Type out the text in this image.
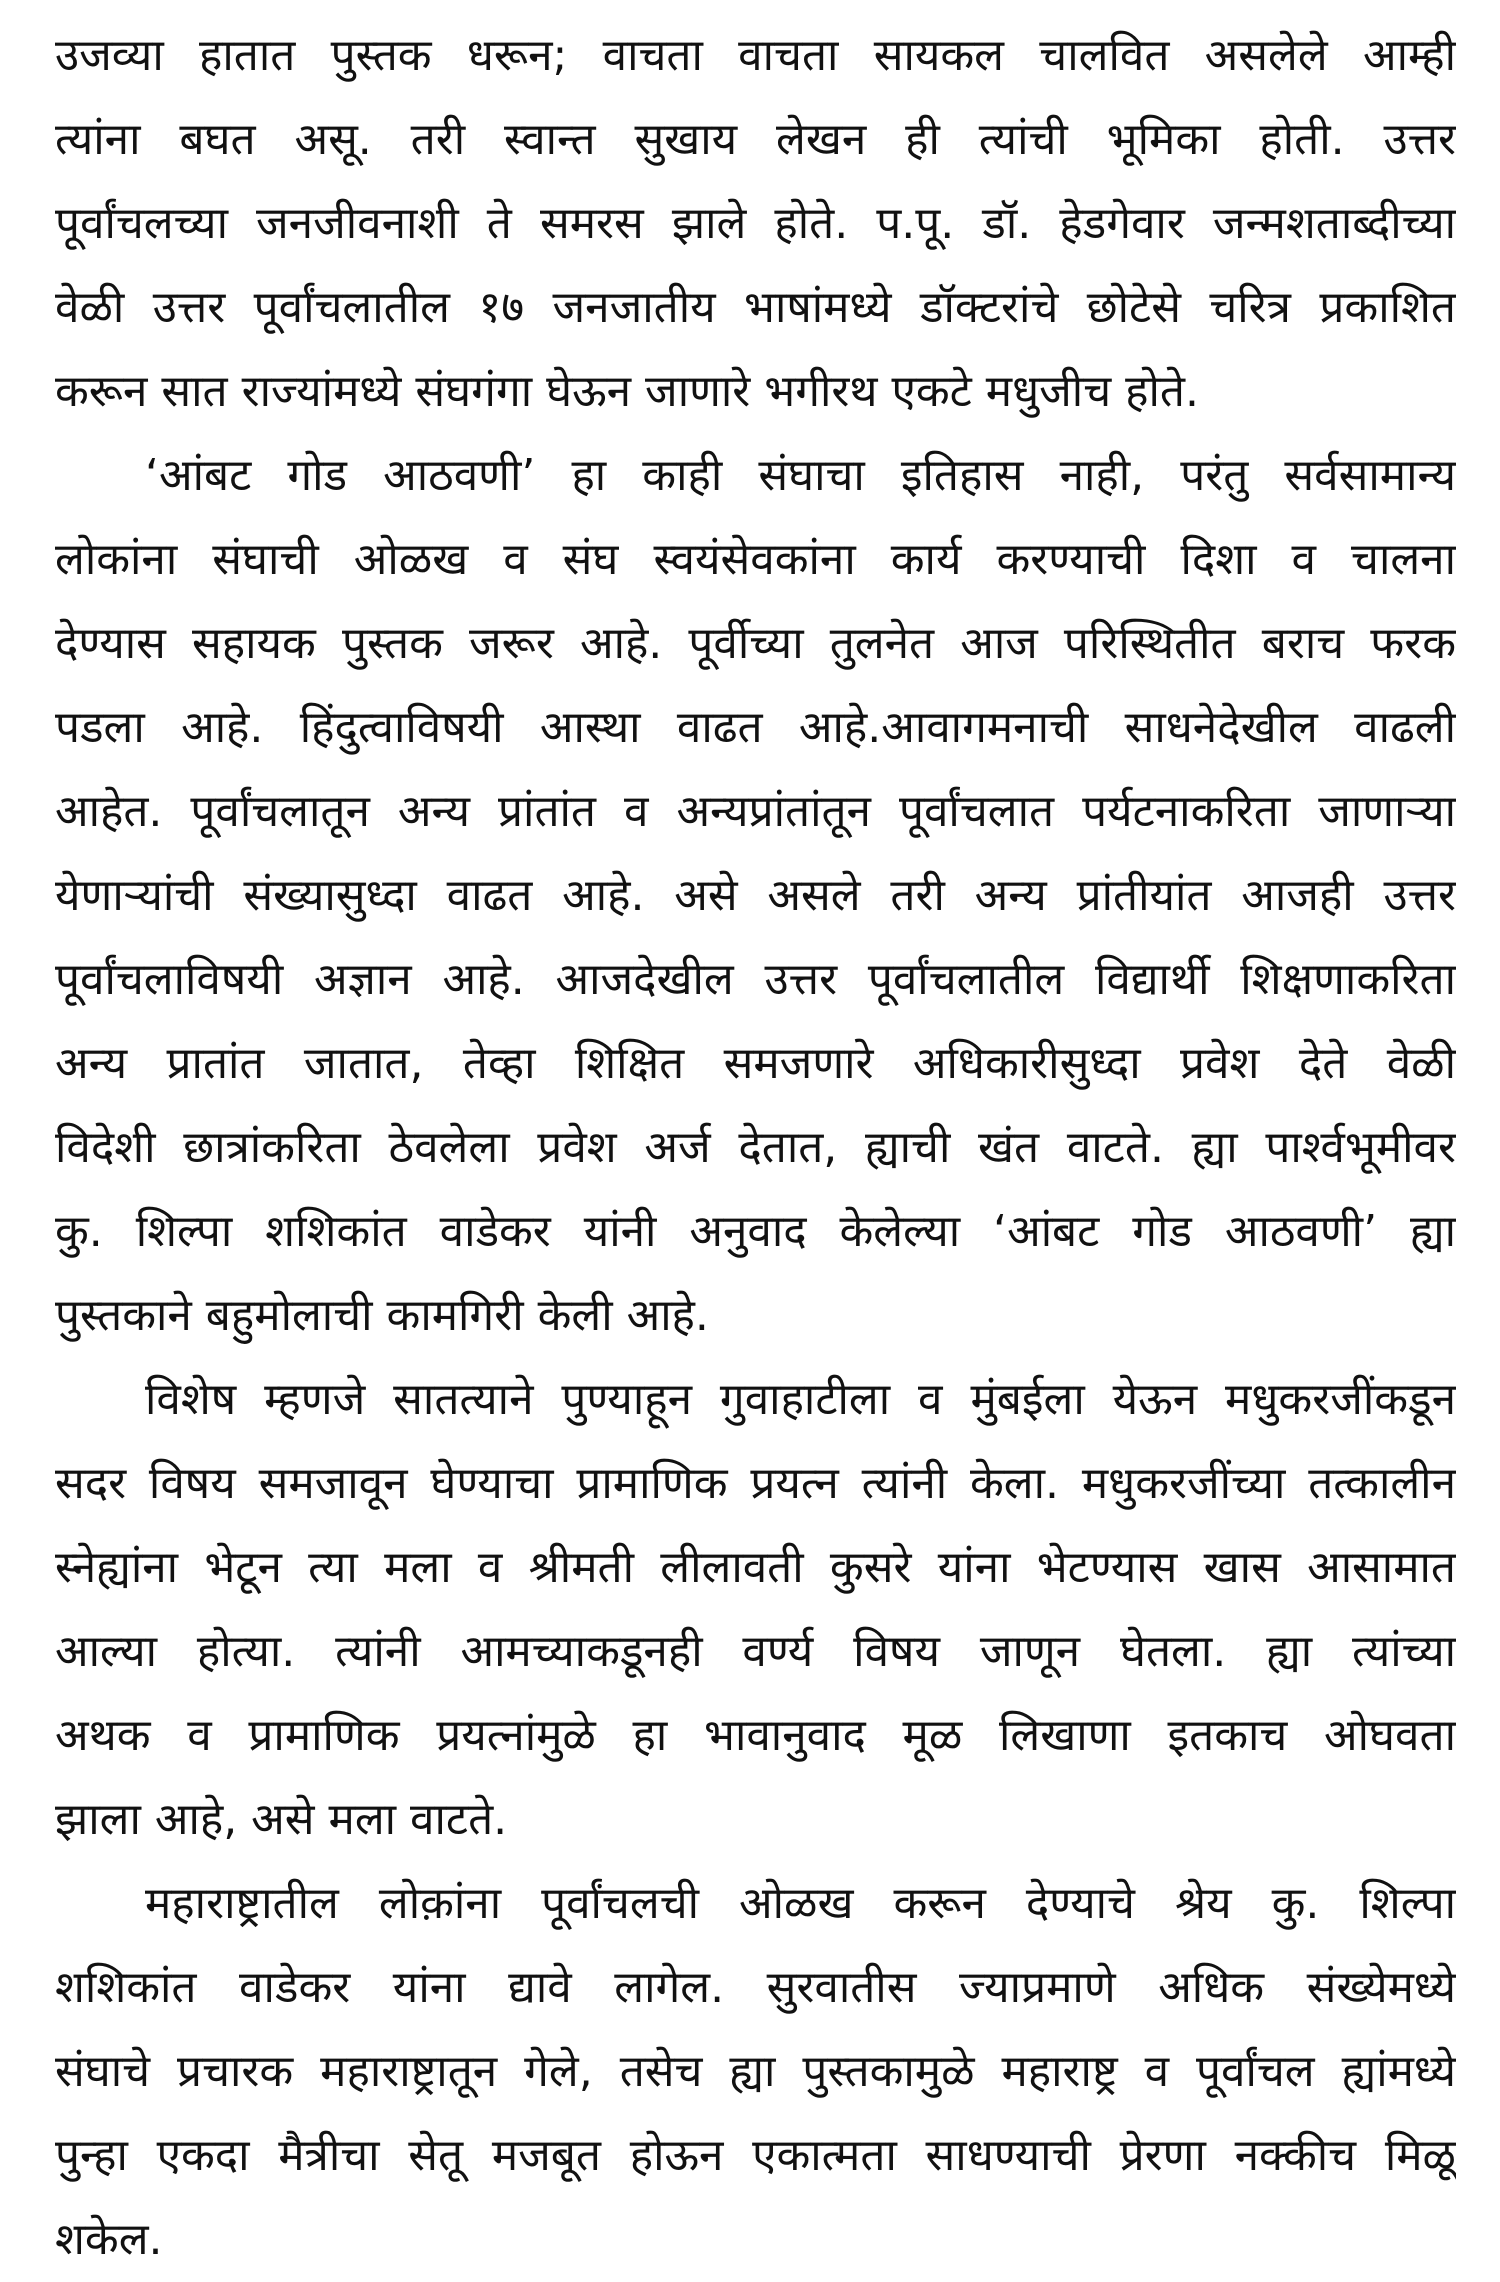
उजव्या हातात पुस्तक धरून; वाचता वाचता सायकल चालवित असलेले आम्ही
त्यांना बघत असू. तरी स्वान्त सुखाय लेखन ही त्यांची भूमिका होती. उत्तर
पूर्वांचलच्या जनजीवनाशी ते समरस झाले होते. प.पू. डॉ. हेडगेवार जन्मशताब्दीच्या
वेळी उत्तर पूर्वांचलातील १७ जनजातीय भाषांमध्ये डॉक्टरांचे छोटेसे चरित्र प्रकाशित
करून सात राज्यांमध्ये संघगंगा घेऊन जाणारे भगीरथ एकटे मधुजीच होते.
‘आंबट गोड आठवणी’ हा काही संघाचा इतिहास नाही, परंतु सर्वसामान्य
लोकांना संघाची ओळख व संघ स्वयंसेवकांना कार्य करण्याची दिशा व चालना
देण्यास सहायक पुस्तक जरूर आहे. पूर्वीच्या तुलनेत आज परिस्थितीत बराच फरक
पडला आहे. हिंदुत्वाविषयी आस्था वाढत आहे.आवागमनाची साधनेदेखील वाढली
आहेत. पूर्वांचलातून अन्य प्रांतांत व अन्यप्रांतांतून पूर्वांचलात पर्यटनाकरिता जाणाऱ्या
येणाऱ्यांची संख्यासुध्दा वाढत आहे. असे असले तरी अन्य प्रांतीयांत आजही उत्तर
पूर्वांचलाविषयी अज्ञान आहे. आजदेखील उत्तर पूर्वांचलातील विद्यार्थी शिक्षणाकरिता
अन्य प्रातांत जातात, तेव्हा शिक्षित समजणारे अधिकारीसुध्दा प्रवेश देते वेळी
विदेशी छात्रांकरिता ठेवलेला प्रवेश अर्ज देतात, ह्याची खंत वाटते. ह्या पार्श्वभूमीवर
कु. शिल्पा शशिकांत वाडेकर यांनी अनुवाद केलेल्या ‘आंबट गोड आठवणी’ ह्या
पुस्तकाने बहुमोलाची कामगिरी केली आहे.
विशेष म्हणजे सातत्याने पुण्याहून गुवाहाटीला व मुंबईला येऊन मधुकरजींकडून
सदर विषय समजावून घेण्याचा प्रामाणिक प्रयत्न त्यांनी केला. मधुकरजींच्या तत्कालीन
स्नेह्यांना भेटून त्या मला व श्रीमती लीलावती कुसरे यांना भेटण्यास खास आसामात
आल्या होत्या. त्यांनी आमच्याकडूनही वर्ण्य विषय जाणून घेतला. ह्या त्यांच्या
अथक व प्रामाणिक प्रयत्नांमुळे हा भावानुवाद मूळ लिखाणा इतकाच ओघवता
झाला आहे, असे मला वाटते.
महाराष्ट्रातील लोक़ांना पूर्वांचलची ओळख करून देण्याचे श्रेय कु. शिल्पा
शशिकांत वाडेकर यांना द्यावे लागेल. सुरवातीस ज्याप्रमाणे अधिक संख्येमध्ये
संघाचे प्रचारक महाराष्ट्रातून गेले, तसेच ह्या पुस्तकामुळे महाराष्ट्र व पूर्वांचल ह्यांमध्ये
पुन्हा एकदा मैत्रीचा सेतू मजबूत होऊन एकात्मता साधण्याची प्रेरणा नक्कीच मिळू
शकेल.
